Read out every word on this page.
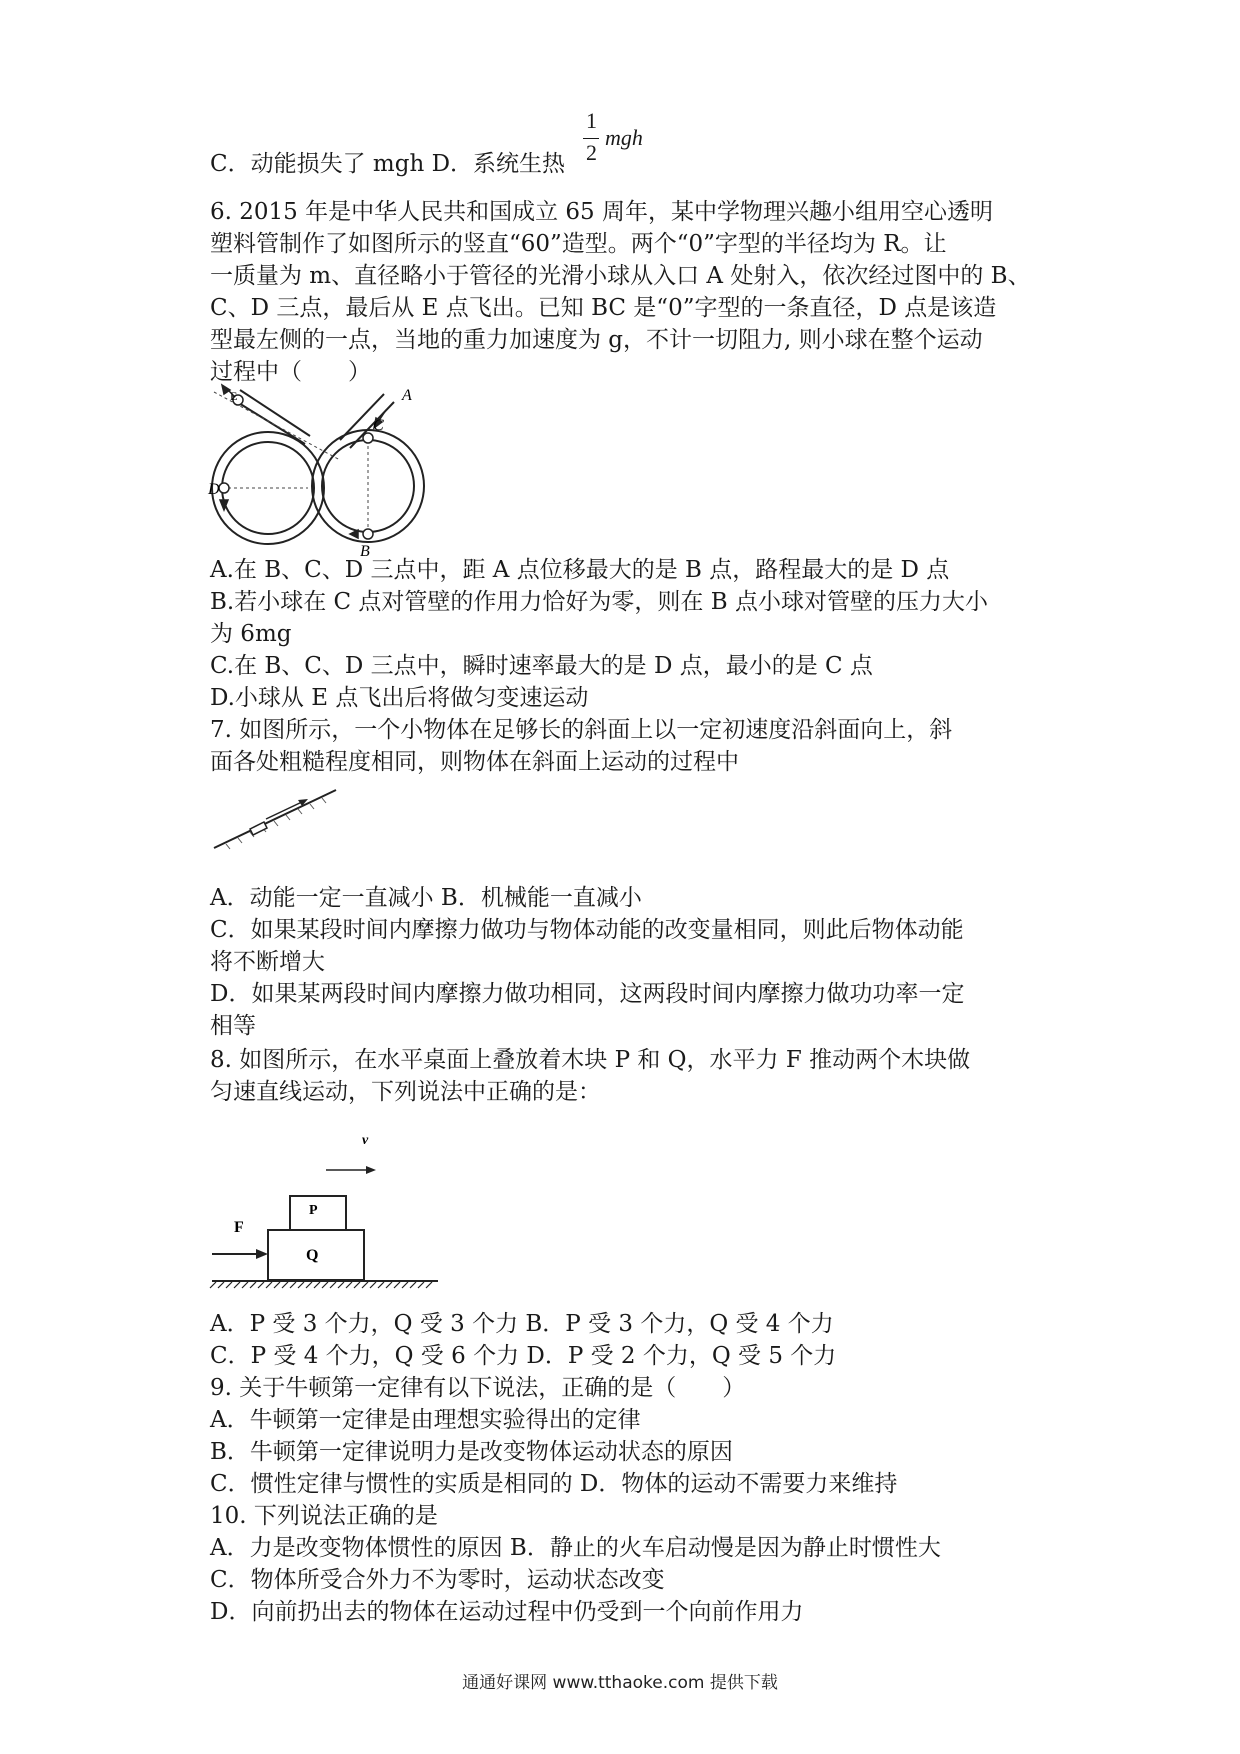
C．动能损失了 mgh D．系统生热
1
2
mgh
6. 2015 年是中华人民共和国成立 65 周年，某中学物理兴趣小组用空心透明
塑料管制作了如图所示的竖直“60”造型。两个“0”字型的半径均为 R。让
一质量为 m、直径略小于管径的光滑小球从入口 A 处射入，依次经过图中的 B、
C、D 三点，最后从 E 点飞出。已知 BC 是“0”字型的一条直径，D 点是该造
型最左侧的一点，当地的重力加速度为 g，不计一切阻力, 则小球在整个运动
过程中（　　）
E	A
C
D
B
A.在 B、C、D 三点中，距 A 点位移最大的是 B 点，路程最大的是 D 点
B.若小球在 C 点对管壁的作用力恰好为零，则在 B 点小球对管壁的压力大小
为 6mg
C.在 B、C、D 三点中，瞬时速率最大的是 D 点，最小的是 C 点
D.小球从 E 点飞出后将做匀变速运动
7. 如图所示，一个小物体在足够长的斜面上以一定初速度沿斜面向上，斜
面各处粗糙程度相同，则物体在斜面上运动的过程中
A．动能一定一直减小 B．机械能一直减小
C．如果某段时间内摩擦力做功与物体动能的改变量相同，则此后物体动能
将不断增大
D．如果某两段时间内摩擦力做功相同，这两段时间内摩擦力做功功率一定
相等
8. 如图所示，在水平桌面上叠放着木块 P 和 Q，水平力 F 推动两个木块做
匀速直线运动，下列说法中正确的是：
v
P
Q
F
A．P 受 3 个力，Q 受 3 个力 B．P 受 3 个力，Q 受 4 个力
C．P 受 4 个力，Q 受 6 个力 D．P 受 2 个力，Q 受 5 个力
9. 关于牛顿第一定律有以下说法，正确的是（　　）
A．牛顿第一定律是由理想实验得出的定律
B．牛顿第一定律说明力是改变物体运动状态的原因
C．惯性定律与惯性的实质是相同的 D．物体的运动不需要力来维持
10. 下列说法正确的是
A．力是改变物体惯性的原因 B．静止的火车启动慢是因为静止时惯性大
C．物体所受合外力不为零时，运动状态改变
D．向前扔出去的物体在运动过程中仍受到一个向前作用力
通通好课网 www.tthaoke.com 提供下载
